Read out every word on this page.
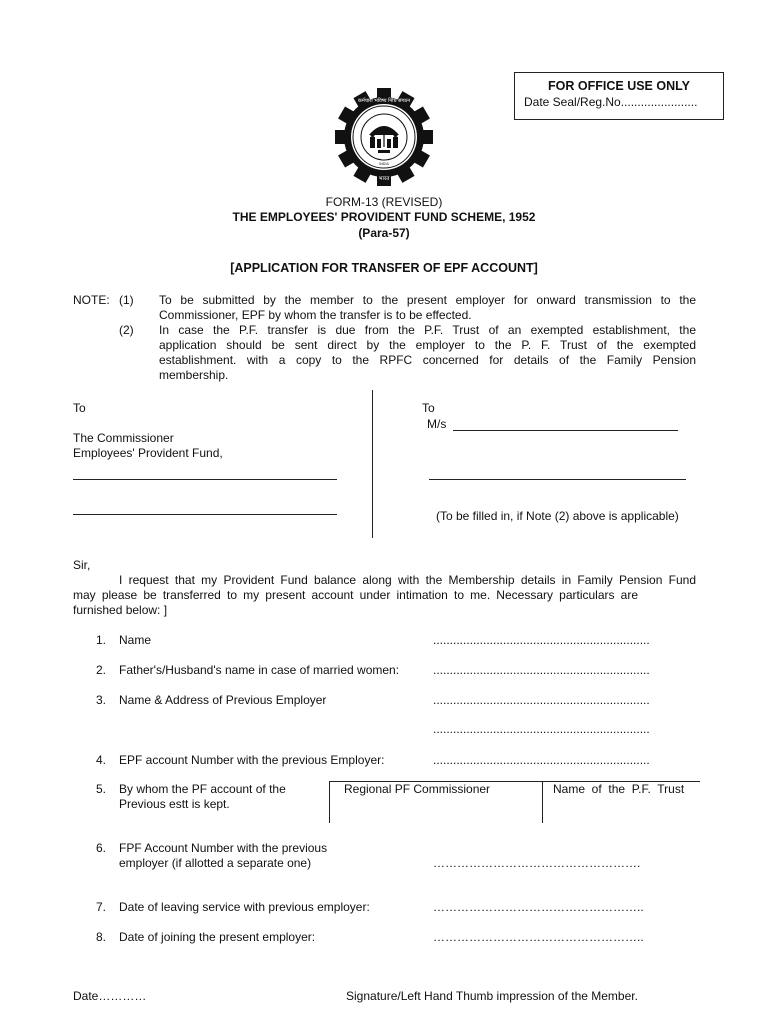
FOR OFFICE USE ONLY
Date Seal/Reg.No.......................
कर्मचारी भविष्य निधि संगठन
भारत
INDIA
FORM-13 (REVISED)
THE EMPLOYEES' PROVIDENT FUND SCHEME, 1952
(Para-57)
[APPLICATION FOR TRANSFER OF EPF ACCOUNT]
NOTE: (1) To be submitted by the member to the present employer for onward transmission to the
Commissioner, EPF by whom the transfer is to be effected.
(2) In case the P.F. transfer is due from the P.F. Trust of an exempted establishment, the
application should be sent direct by the employer to the P. F. Trust of the exempted
establishment. with a copy to the RPFC concerned for details of the Family Pension
membership.
To
The Commissioner
Employees' Provident Fund,
To
M/s
(To be filled in, if Note (2) above is applicable)
Sir,
I request that my Provident Fund balance along with the Membership details in Family Pension Fund
may please be transferred to my present account under intimation to me. Necessary particulars are
furnished below: ]
1. Name	.................................................................
2. Father's/Husband's name in case of married women:	.................................................................
3. Name & Address of Previous Employer	.................................................................
.................................................................
4. EPF account Number with the previous Employer:	.................................................................
5. By whom the PF account of the
Previous estt is kept.
Regional PF Commissioner	Name  of  the  P.F.  Trust
6. FPF Account Number with the previous
employer (if allotted a separate one)	…………………………………………….
7. Date of leaving service with previous employer:	……………………………………………..
8. Date of joining the present employer:	……………………………………………..
Date…………	Signature/Left Hand Thumb impression of the Member.
